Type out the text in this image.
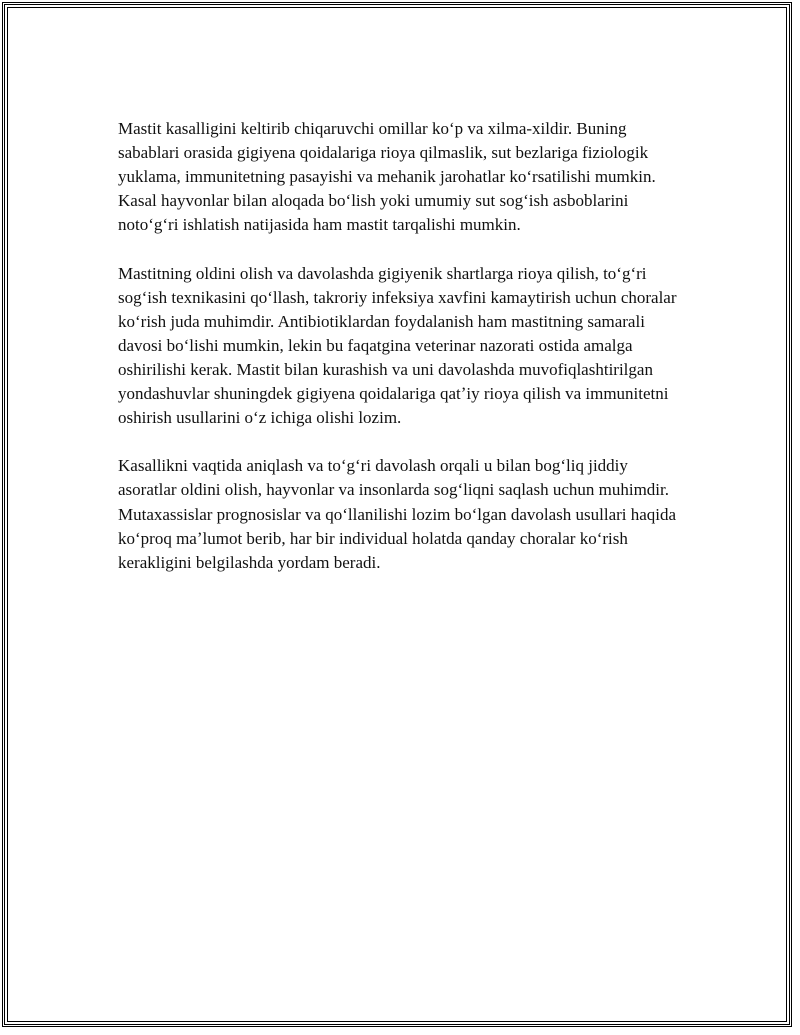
Mastit kasalligini keltirib chiqaruvchi omillar koʻp va xilma-xildir. Buning sabablari orasida gigiyena qoidalariga rioya qilmaslik, sut bezlariga fiziologik yuklama, immunitetning pasayishi va mehanik jarohatlar koʻrsatilishi mumkin. Kasal hayvonlar bilan aloqada boʻlish yoki umumiy sut sogʻish asboblarini notoʻgʻri ishlatish natijasida ham mastit tarqalishi mumkin.

Mastitning oldini olish va davolashda gigiyenik shartlarga rioya qilish, toʻgʻri sogʻish texnikasini qoʻllash, takroriy infeksiya xavfini kamaytirish uchun choralar koʻrish juda muhimdir. Antibiotiklardan foydalanish ham mastitning samarali davosi boʻlishi mumkin, lekin bu faqatgina veterinar nazorati ostida amalga oshirilishi kerak. Mastit bilan kurashish va uni davolashda muvofiqlashtirilgan yondashuvlar shuningdek gigiyena qoidalariga qatʼiy rioya qilish va immunitetni oshirish usullarini oʻz ichiga olishi lozim.

Kasallikni vaqtida aniqlash va toʻgʻri davolash orqali u bilan bogʻliq jiddiy asoratlar oldini olish, hayvonlar va insonlarda sogʻliqni saqlash uchun muhimdir. Mutaxassislar prognosislar va qoʻllanilishi lozim boʻlgan davolash usullari haqida koʻproq maʼlumot berib, har bir individual holatda qanday choralar koʻrish kerakligini belgilashda yordam beradi.
